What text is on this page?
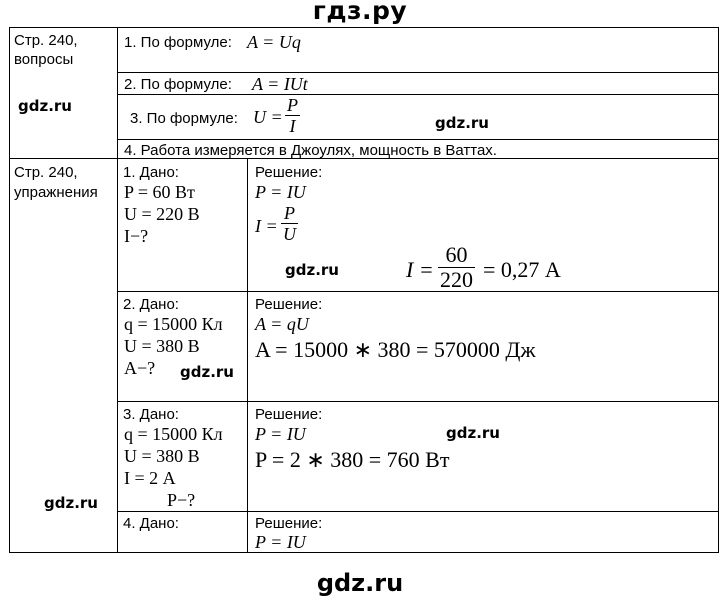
гдз.ру
Стр. 240,
вопросы
1. По формуле: A = Uq
2. По формуле: A = IUt
3. По формуле: $U = \frac{P}{I}$
4. Работа измеряется в Джоулях, мощность в Ваттах.
Стр. 240,
упражнения
1. Дано:
P = 60 Вт
U = 220 В
I−?
Решение:
P = IU
$I = \frac{P}{U}$
$I = \frac{60}{220} = 0,27$ А
2. Дано:
q = 15000 Кл
U = 380 В
A−?
Решение:
A = qU
A = 15000 ∗ 380 = 570000 Дж
3. Дано:
q = 15000 Кл
U = 380 В
I = 2 А
P−?
Решение:
P = IU
P = 2 ∗ 380 = 760 Вт
4. Дано:	Решение:
P = IU
gdz.ru
gdz.ru
gdz.ru
gdz.ru
gdz.ru
gdz.ru
gdz.ru
